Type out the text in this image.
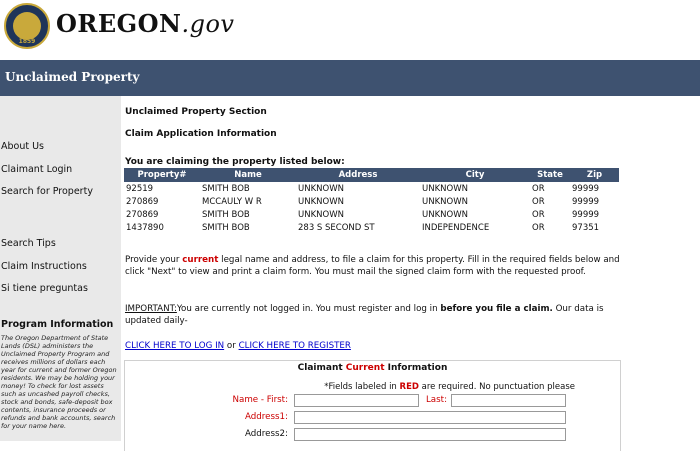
1859
OREGON.gov
Unclaimed Property
About Us
Claimant Login
Search for Property
Search Tips
Claim Instructions
Si tiene preguntas
Program Information
The Oregon Department of State Lands (DSL) administers the Unclaimed Property Program and receives millions of dollars each year for current and former Oregon residents. We may be holding your money! To check for lost assets such as uncashed payroll checks, stock and bonds, safe-deposit box contents, insurance proceeds or refunds and bank accounts, search for your name here.
Unclaimed Property Section
Claim Application Information
You are claiming the property listed below:
Property#	Name	Address	City	State	Zip
92519	SMITH BOB	UNKNOWN	UNKNOWN	OR	99999
270869	MCCAULY W R	UNKNOWN	UNKNOWN	OR	99999
270869	SMITH BOB	UNKNOWN	UNKNOWN	OR	99999
1437890	SMITH BOB	283 S SECOND ST	INDEPENDENCE	OR	97351
Provide your current legal name and address, to file a claim for this property. Fill in the required fields below and click "Next" to view and print a claim form. You must mail the signed claim form with the requested proof.
IMPORTANT:You are currently not logged in. You must register and log in before you file a claim. Our data is updated daily-
CLICK HERE TO LOG IN or CLICK HERE TO REGISTER
Claimant Current Information
*Fields labeled in RED are required. No punctuation please
Name - First:	Last:
Address1:
Address2:
